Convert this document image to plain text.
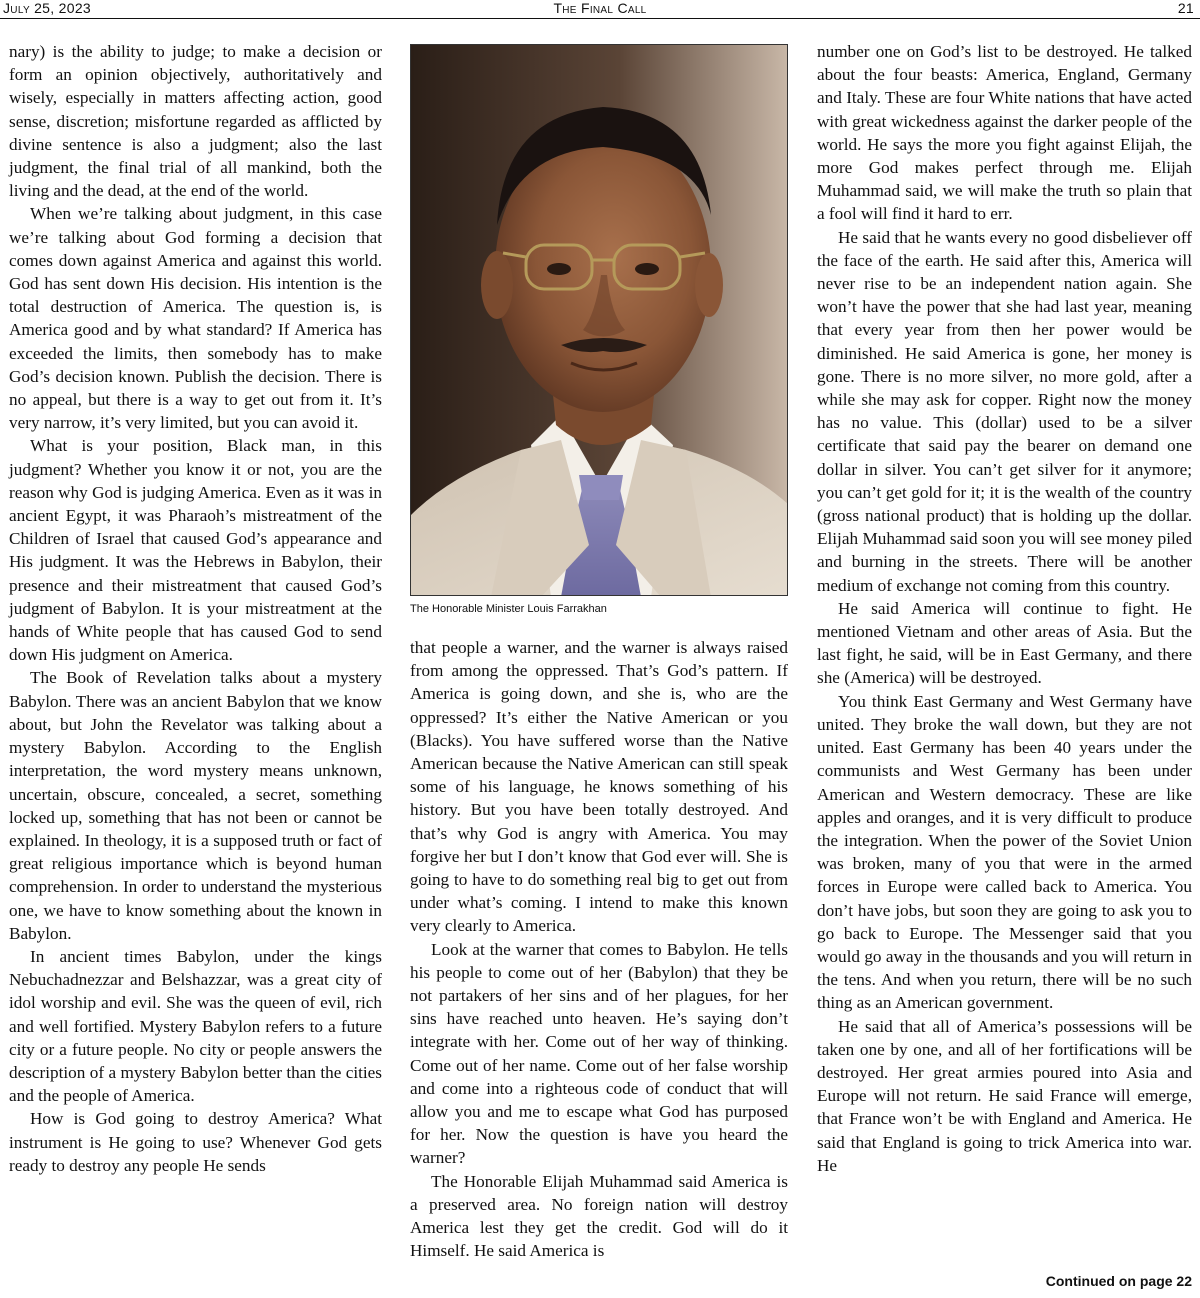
July 25, 2023	The Final Call	21

nary) is the ability to judge; to make a decision or form an opinion objectively, authoritatively and wisely, especially in matters affecting action, good sense, discretion; misfortune regarded as afflicted by divine sentence is also a judgment; also the last judgment, the final trial of all mankind, both the living and the dead, at the end of the world.

When we’re talking about judgment, in this case we’re talking about God forming a decision that comes down against America and against this world. God has sent down His decision. His intention is the total destruction of America. The question is, is America good and by what standard? If America has exceeded the limits, then somebody has to make God’s decision known. Publish the decision. There is no appeal, but there is a way to get out from it. It’s very narrow, it’s very limited, but you can avoid it.

What is your position, Black man, in this judgment? Whether you know it or not, you are the reason why God is judging America. Even as it was in ancient Egypt, it was Pharaoh’s mistreatment of the Children of Israel that caused God’s appearance and His judgment. It was the Hebrews in Babylon, their presence and their mistreatment that caused God’s judgment of Babylon. It is your mistreatment at the hands of White people that has caused God to send down His judgment on America.

The Book of Revelation talks about a mystery Babylon. There was an ancient Babylon that we know about, but John the Revelator was talking about a mystery Babylon. According to the English interpretation, the word mystery means unknown, uncertain, obscure, concealed, a secret, something locked up, something that has not been or cannot be explained. In theology, it is a supposed truth or fact of great religious importance which is beyond human comprehension. In order to understand the mysterious one, we have to know something about the known in Babylon.

In ancient times Babylon, under the kings Nebuchadnezzar and Belshazzar, was a great city of idol worship and evil. She was the queen of evil, rich and well fortified. Mystery Babylon refers to a future city or a future people. No city or people answers the description of a mystery Babylon better than the cities and the people of America.

How is God going to destroy America? What instrument is He going to use? Whenever God gets ready to destroy any people He sends

The Honorable Minister Louis Farrakhan

that people a warner, and the warner is always raised from among the oppressed. That’s God’s pattern. If America is going down, and she is, who are the oppressed? It’s either the Native American or you (Blacks). You have suffered worse than the Native American because the Native American can still speak some of his language, he knows something of his history. But you have been totally destroyed. And that’s why God is angry with America. You may forgive her but I don’t know that God ever will. She is going to have to do something real big to get out from under what’s coming. I intend to make this known very clearly to America.

Look at the warner that comes to Babylon. He tells his people to come out of her (Babylon) that they be not partakers of her sins and of her plagues, for her sins have reached unto heaven. He’s saying don’t integrate with her. Come out of her way of thinking. Come out of her name. Come out of her false worship and come into a righteous code of conduct that will allow you and me to escape what God has purposed for her. Now the question is have you heard the warner?

The Honorable Elijah Muhammad said America is a preserved area. No foreign nation will destroy America lest they get the credit. God will do it Himself. He said America is

number one on God’s list to be destroyed. He talked about the four beasts: America, England, Germany and Italy. These are four White nations that have acted with great wickedness against the darker people of the world. He says the more you fight against Elijah, the more God makes perfect through me. Elijah Muhammad said, we will make the truth so plain that a fool will find it hard to err.

He said that he wants every no good disbeliever off the face of the earth. He said after this, America will never rise to be an independent nation again. She won’t have the power that she had last year, meaning that every year from then her power would be diminished. He said America is gone, her money is gone. There is no more silver, no more gold, after a while she may ask for copper. Right now the money has no value. This (dollar) used to be a silver certificate that said pay the bearer on demand one dollar in silver. You can’t get silver for it anymore; you can’t get gold for it; it is the wealth of the country (gross national product) that is holding up the dollar. Elijah Muhammad said soon you will see money piled and burning in the streets. There will be another medium of exchange not coming from this country.

He said America will continue to fight. He mentioned Vietnam and other areas of Asia. But the last fight, he said, will be in East Germany, and there she (America) will be destroyed.

You think East Germany and West Germany have united. They broke the wall down, but they are not united. East Germany has been 40 years under the communists and West Germany has been under American and Western democracy. These are like apples and oranges, and it is very difficult to produce the integration. When the power of the Soviet Union was broken, many of you that were in the armed forces in Europe were called back to America. You don’t have jobs, but soon they are going to ask you to go back to Europe. The Messenger said that you would go away in the thousands and you will return in the tens. And when you return, there will be no such thing as an American government.

He said that all of America’s possessions will be taken one by one, and all of her fortifications will be destroyed. Her great armies poured into Asia and Europe will not return. He said France will emerge, that France won’t be with England and America. He said that England is going to trick America into war. He

Continued on page 22
